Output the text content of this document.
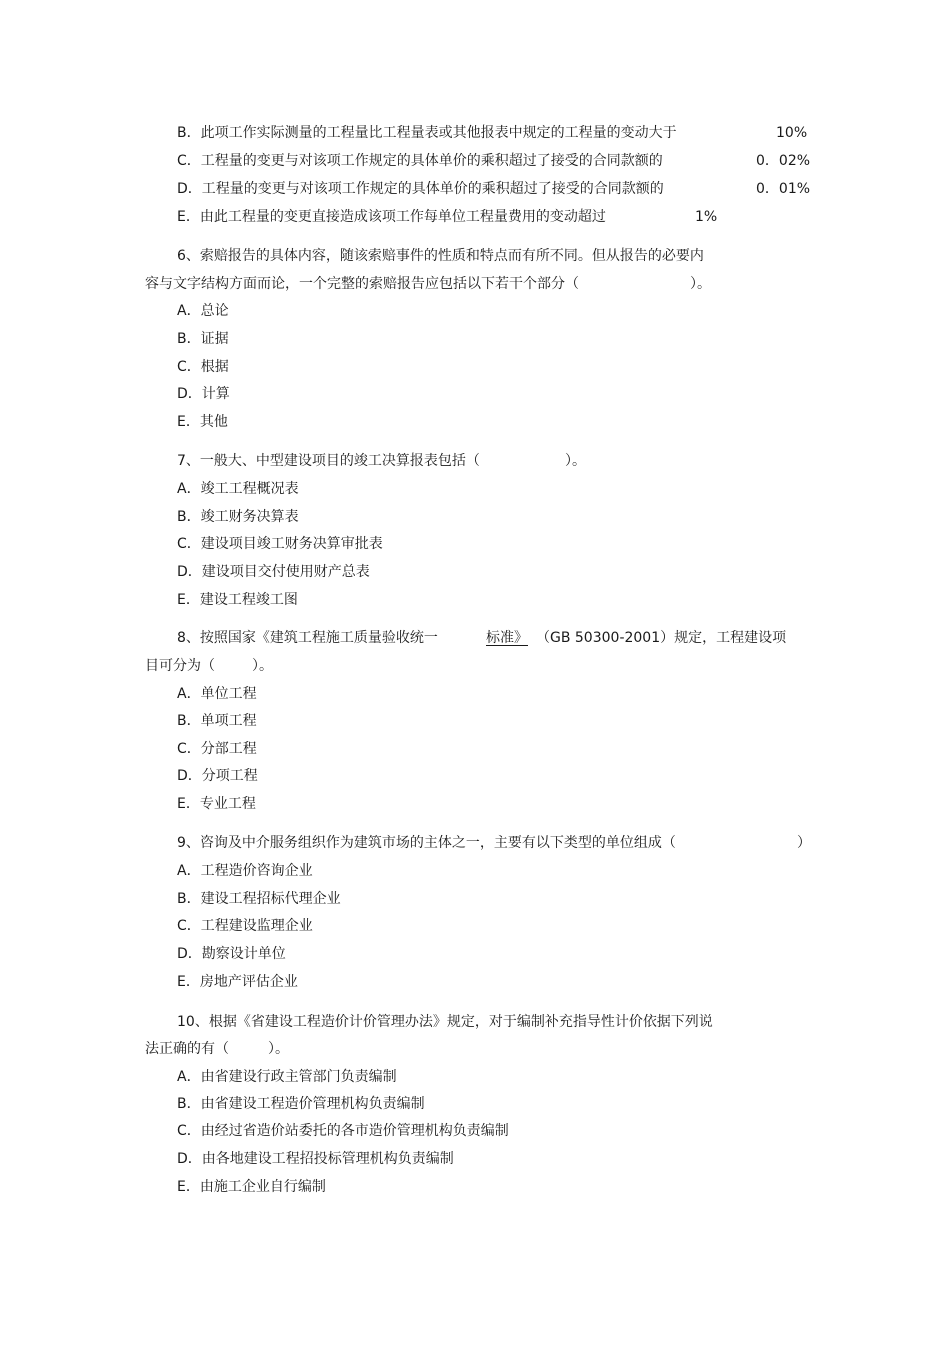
B．此项工作实际测量的工程量比工程量表或其他报表中规定的工程量的变动大于	10%
C．工程量的变更与对该项工作规定的具体单价的乘积超过了接受的合同款额的	0．02%
D．工程量的变更与对该项工作规定的具体单价的乘积超过了接受的合同款额的	0．01%
E．由此工程量的变更直接造成该项工作每单位工程量费用的变动超过	1%
6、索赔报告的具体内容，随该索赔事件的性质和特点而有所不同。但从报告的必要内
容与文字结构方面而论，一个完整的索赔报告应包括以下若干个部分（	）。
A．总论
B．证据
C．根据
D．计算
E．其他
7、一般大、中型建设项目的竣工决算报表包括（	）。
A．竣工工程概况表
B．竣工财务决算表
C．建设项目竣工财务决算审批表
D．建设项目交付使用财产总表
E．建设工程竣工图
8、按照国家《建筑工程施工质量验收统一	标准》 （GB 50300-2001）规定，工程建设项
目可分为（	）。
A．单位工程
B．单项工程
C．分部工程
D．分项工程
E．专业工程
9、咨询及中介服务组织作为建筑市场的主体之一，主要有以下类型的单位组成（	）
A．工程造价咨询企业
B．建设工程招标代理企业
C．工程建设监理企业
D．勘察设计单位
E．房地产评估企业
10、根据《省建设工程造价计价管理办法》规定，对于编制补充指导性计价依据下列说
法正确的有（	）。
A．由省建设行政主管部门负责编制
B．由省建设工程造价管理机构负责编制
C．由经过省造价站委托的各市造价管理机构负责编制
D．由各地建设工程招投标管理机构负责编制
E．由施工企业自行编制
